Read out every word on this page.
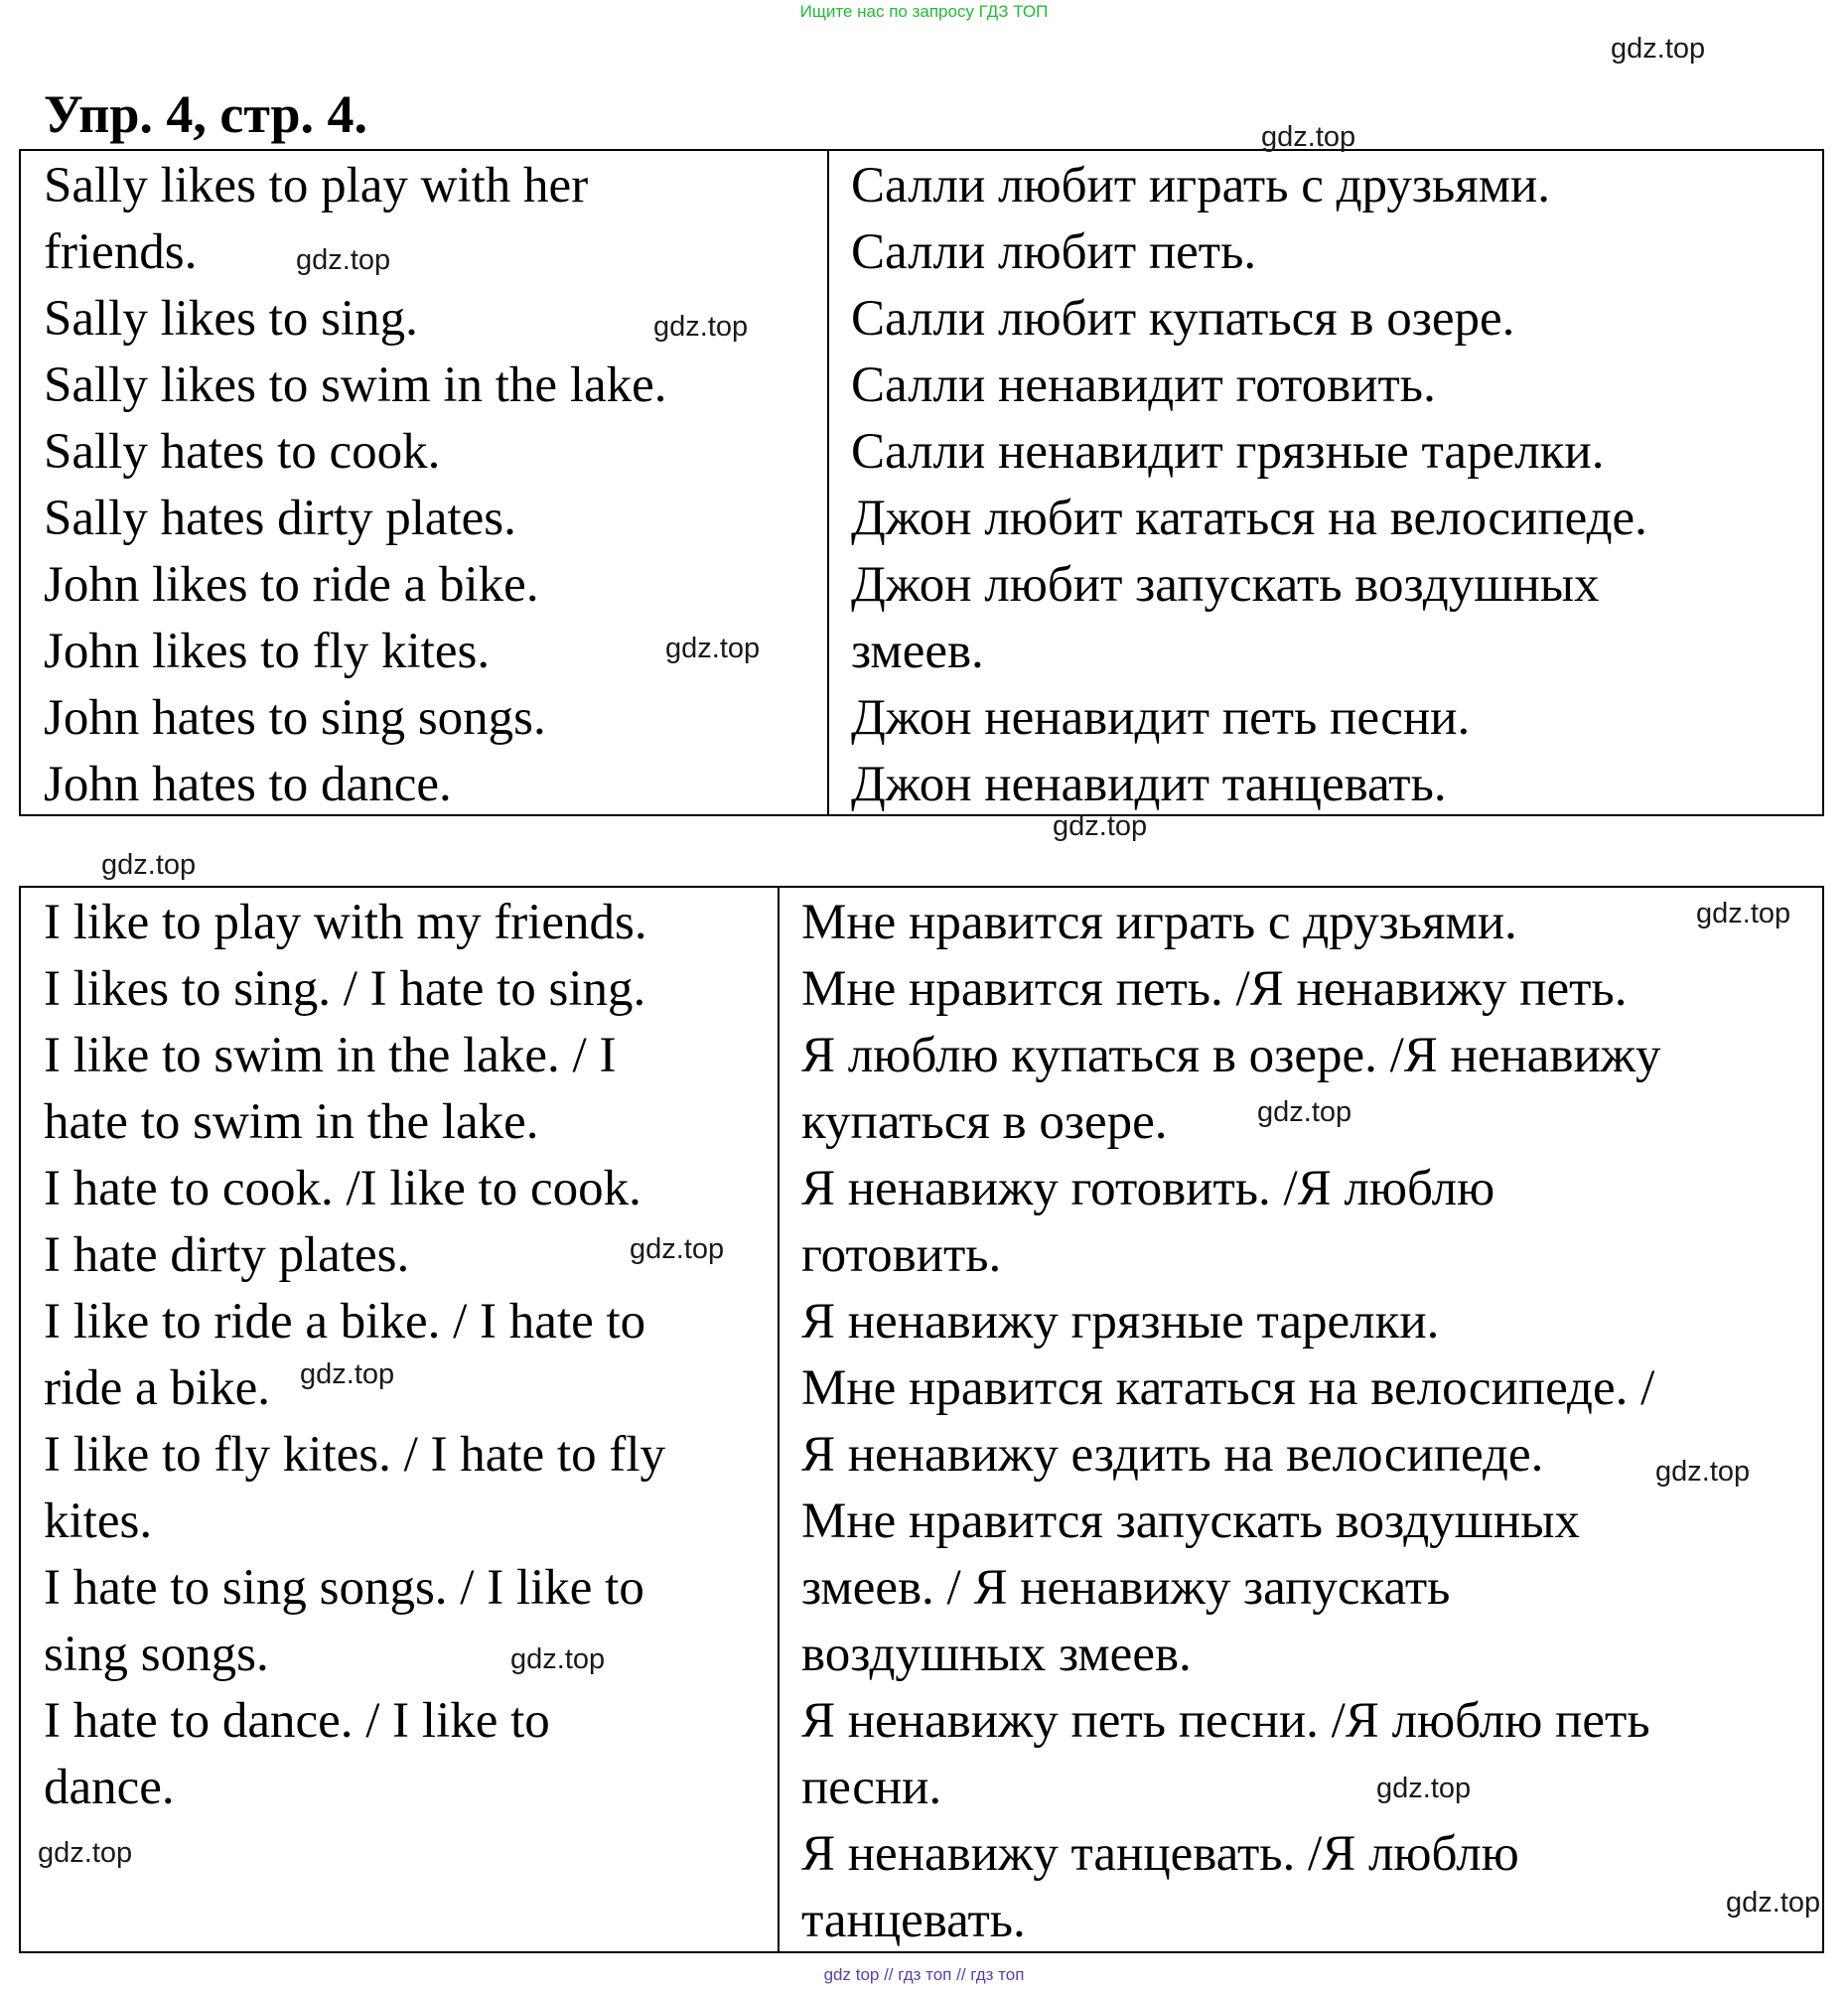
Ищите нас по запросу ГДЗ ТОП
Упр. 4, стр. 4.
Sally likes to play with her
friends.
Sally likes to sing.
Sally likes to swim in the lake.
Sally hates to cook.
Sally hates dirty plates.
John likes to ride a bike.
John likes to fly kites.
John hates to sing songs.
John hates to dance.
Салли любит играть с друзьями.
Салли любит петь.
Салли любит купаться в озере.
Салли ненавидит готовить.
Салли ненавидит грязные тарелки.
Джон любит кататься на велосипеде.
Джон любит запускать воздушных
змеев.
Джон ненавидит петь песни.
Джон ненавидит танцевать.
I like to play with my friends.
I likes to sing. / I hate to sing.
I like to swim in the lake. / I
hate to swim in the lake.
I hate to cook. /I like to cook.
I hate dirty plates.
I like to ride a bike. / I hate to
ride a bike.
I like to fly kites. / I hate to fly
kites.
I hate to sing songs. / I like to
sing songs.
I hate to dance. / I like to
dance.
Мне нравится играть с друзьями.
Мне нравится петь. /Я ненавижу петь.
Я люблю купаться в озере. /Я ненавижу
купаться в озере.
Я ненавижу готовить. /Я люблю
готовить.
Я ненавижу грязные тарелки.
Мне нравится кататься на велосипеде. /
Я ненавижу ездить на велосипеде.
Мне нравится запускать воздушных
змеев. / Я ненавижу запускать
воздушных змеев.
Я ненавижу петь песни. /Я люблю петь
песни.
Я ненавижу танцевать. /Я люблю
танцевать.
gdz.top
gdz.top
gdz.top
gdz.top
gdz.top
gdz.top
gdz.top
gdz.top
gdz.top
gdz.top
gdz.top
gdz.top
gdz.top
gdz.top
gdz.top
gdz.top
gdz top // гдз топ // гдз топ
